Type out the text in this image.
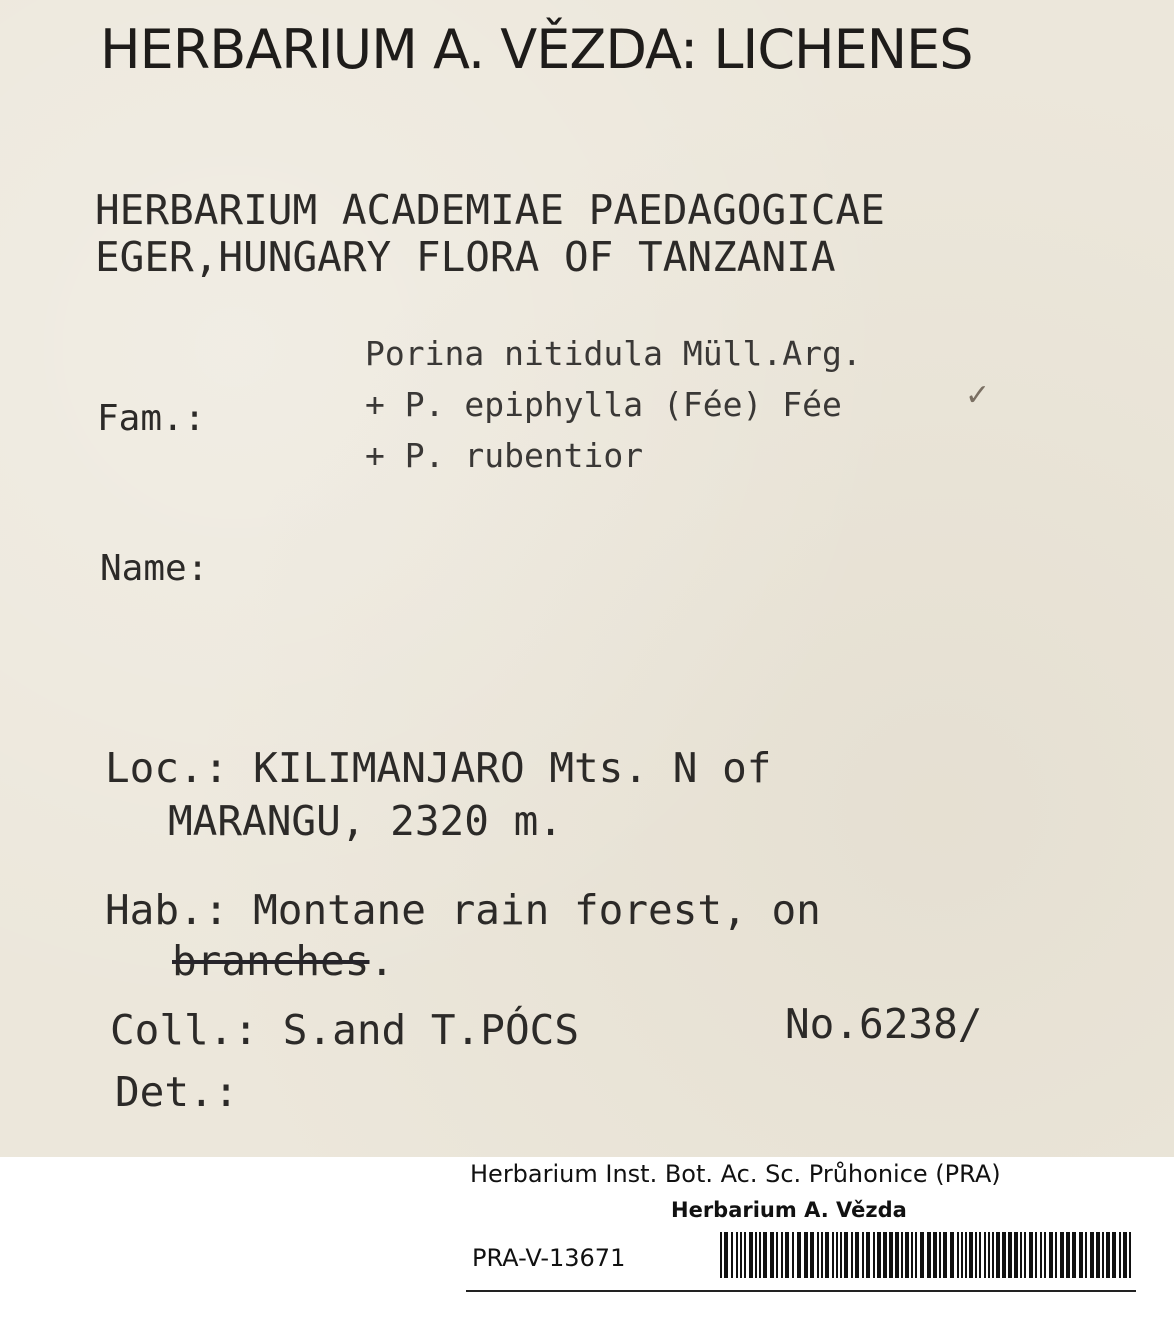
HERBARIUM A. VĚZDA: LICHENES

HERBARIUM ACADEMIAE PAEDAGOGICAE

EGER,HUNGARY FLORA OF TANZANIA

Porina nitidula Müll.Arg.

+ P. epiphylla (Fée) Fée	✓

+ P. rubentior

Fam.:

Name:

Loc.: KILIMANJARO Mts. N of

MARANGU, 2320 m.

Hab.: Montane rain forest, on

branches.

Coll.: S.and T.PÓCS	No.6238/

Det.:

Herbarium Inst. Bot. Ac. Sc. Průhonice (PRA)
Herbarium A. Vězda
PRA-V-13671
